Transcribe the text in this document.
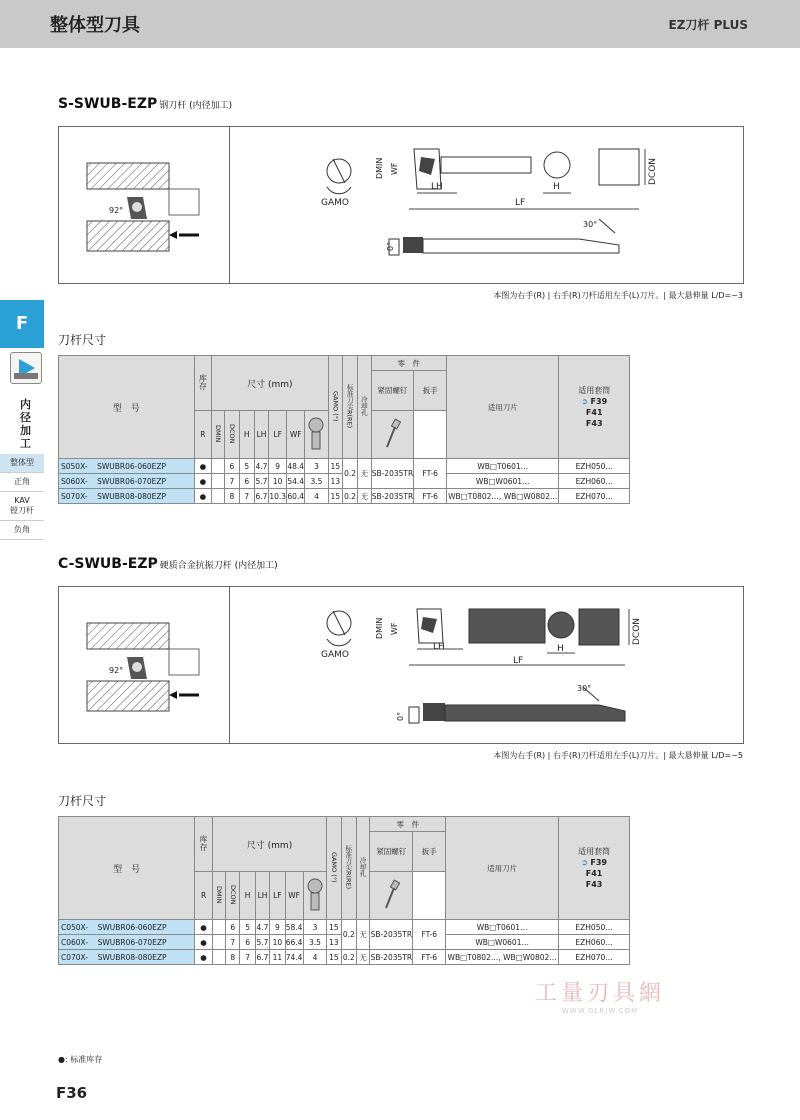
整体型刀具	EZ刀杆 PLUS
F
内径加工
整体型
正角
KAV
镗刀杆
负角
S-SWUB-EZP 钢刀杆 (内径加工)
92°
GAMO
DMIN WF
LH	H
LF
DCON
0°
30°
本图为右手(R) | 右手(R)刀杆适用左手(L)刀片。| 最大悬伸量 L/D=~3
刀杆尺寸
型　号	库存	尺寸 (mm)							GAMO (°)	标准刀尖R(RE)	冷却孔	零　件		适用刀片	适用套筒
➲ F39
F41
F43

												紧固螺钉	扳手		
	R	DMIN	DCON	H	LH	LF	WF		
S050X- SWUBR06-060EZP	●		6	5	4.7	9	48.4	3	15	0.2	无	SB-2035TR	FT-6	WB□T0601…	EZH050…
S060X- SWUBR06-070EZP	●		7	6	5.7	10	54.4	3.5	13					WB□W0601…	EZH060…
S070X- SWUBR08-080EZP	●		8	7	6.7	10.3	60.4	4	15	0.2	无	SB-2035TR	FT-6	WB□T0802…, WB□W0802…	EZH070…
C-SWUB-EZP 硬质合金抗振刀杆 (内径加工)
92°
GAMO
DMIN WF
LH	H
LF
DCON
0°
30°
本图为右手(R) | 右手(R)刀杆适用左手(L)刀片。| 最大悬伸量 L/D=~5
刀杆尺寸
型　号	库存	尺寸 (mm)							GAMO (°)	标准刀尖R(RE)	冷却孔	零　件		适用刀片	适用套筒
➲ F39
F41
F43

												紧固螺钉	扳手		
	R	DMIN	DCON	H	LH	LF	WF		
C050X- SWUBR06-060EZP	●		6	5	4.7	9	58.4	3	15	0.2	无	SB-2035TR	FT-6	WB□T0601…	EZH050…
C060X- SWUBR06-070EZP	●		7	6	5.7	10	66.4	3.5	13					WB□W0601…	EZH060…
C070X- SWUBR08-080EZP	●		8	7	6.7	11	74.4	4	15	0.2	无	SB-2035TR	FT-6	WB□T0802…, WB□W0802…	EZH070…
工量刃具網
WWW.GLRJW.COM
●: 标准库存
F36
